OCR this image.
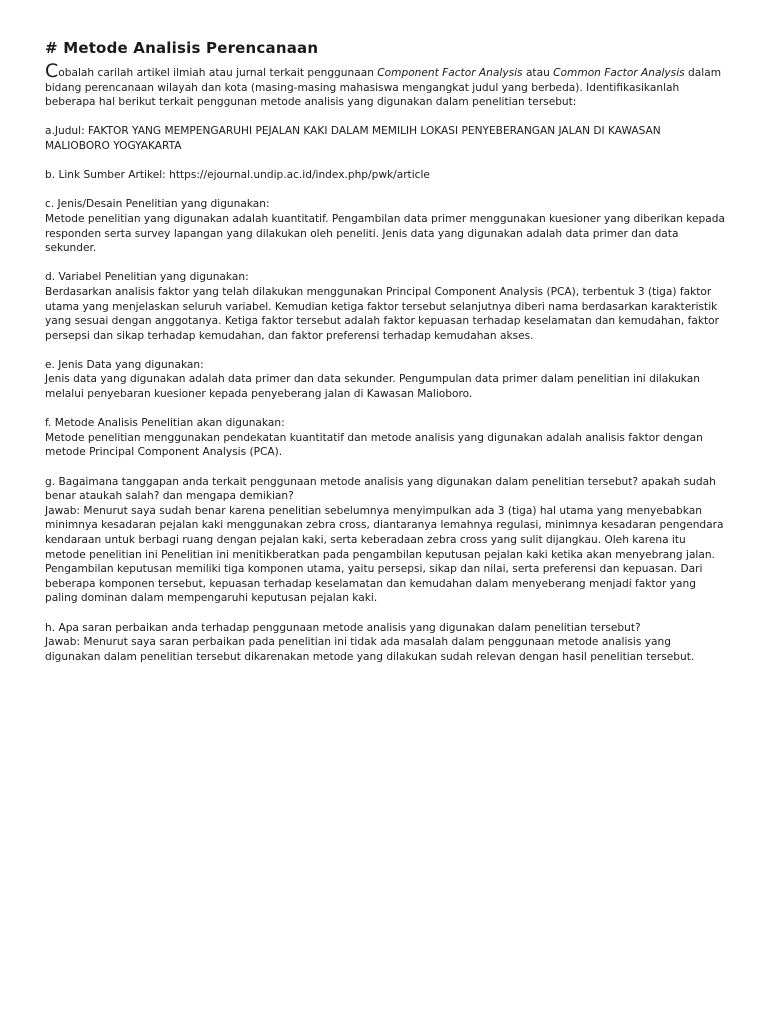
# Metode Analisis Perencanaan

Cobalah carilah artikel ilmiah atau jurnal terkait penggunaan Component Factor Analysis atau Common Factor Analysis dalam bidang perencanaan wilayah dan kota (masing-masing mahasiswa mengangkat judul yang berbeda). Identifikasikanlah beberapa hal berikut terkait penggunan metode analisis yang digunakan dalam penelitian tersebut:

a.Judul: FAKTOR YANG MEMPENGARUHI PEJALAN KAKI DALAM MEMILIH LOKASI PENYEBERANGAN JALAN DI KAWASAN MALIOBORO YOGYAKARTA

b. Link Sumber Artikel: https://ejournal.undip.ac.id/index.php/pwk/article

c. Jenis/Desain Penelitian yang digunakan:

Metode penelitian yang digunakan adalah kuantitatif. Pengambilan data primer menggunakan kuesioner yang diberikan kepada responden serta survey lapangan yang dilakukan oleh peneliti. Jenis data yang digunakan adalah data primer dan data sekunder.

d. Variabel Penelitian yang digunakan:

Berdasarkan analisis faktor yang telah dilakukan menggunakan Principal Component Analysis (PCA), terbentuk 3 (tiga) faktor utama yang menjelaskan seluruh variabel. Kemudian ketiga faktor tersebut selanjutnya diberi nama berdasarkan karakteristik yang sesuai dengan anggotanya. Ketiga faktor tersebut adalah faktor kepuasan terhadap keselamatan dan kemudahan, faktor persepsi dan sikap terhadap kemudahan, dan faktor preferensi terhadap kemudahan akses.

e. Jenis Data yang digunakan:

Jenis data yang digunakan adalah data primer dan data sekunder. Pengumpulan data primer dalam penelitian ini dilakukan melalui penyebaran kuesioner kepada penyeberang jalan di Kawasan Malioboro.

f. Metode Analisis Penelitian akan digunakan:

Metode penelitian menggunakan pendekatan kuantitatif dan metode analisis yang digunakan adalah analisis faktor dengan metode Principal Component Analysis (PCA).

g. Bagaimana tanggapan anda terkait penggunaan metode analisis yang digunakan dalam penelitian tersebut? apakah sudah benar ataukah salah? dan mengapa demikian?

Jawab: Menurut saya sudah benar karena penelitian sebelumnya menyimpulkan ada 3 (tiga) hal utama yang menyebabkan minimnya kesadaran pejalan kaki menggunakan zebra cross, diantaranya lemahnya regulasi, minimnya kesadaran pengendara kendaraan untuk berbagi ruang dengan pejalan kaki, serta keberadaan zebra cross yang sulit dijangkau. Oleh karena itu metode penelitian ini Penelitian ini menitikberatkan pada pengambilan keputusan pejalan kaki ketika akan menyebrang jalan. Pengambilan keputusan memiliki tiga komponen utama, yaitu persepsi, sikap dan nilai, serta preferensi dan kepuasan. Dari beberapa komponen tersebut, kepuasan terhadap keselamatan dan kemudahan dalam menyeberang menjadi faktor yang paling dominan dalam mempengaruhi keputusan pejalan kaki.

h. Apa saran perbaikan anda terhadap penggunaan metode analisis yang digunakan dalam penelitian tersebut?

Jawab: Menurut saya saran perbaikan pada penelitian ini tidak ada masalah dalam penggunaan metode analisis yang digunakan dalam penelitian tersebut dikarenakan metode yang dilakukan sudah relevan dengan hasil penelitian tersebut.
